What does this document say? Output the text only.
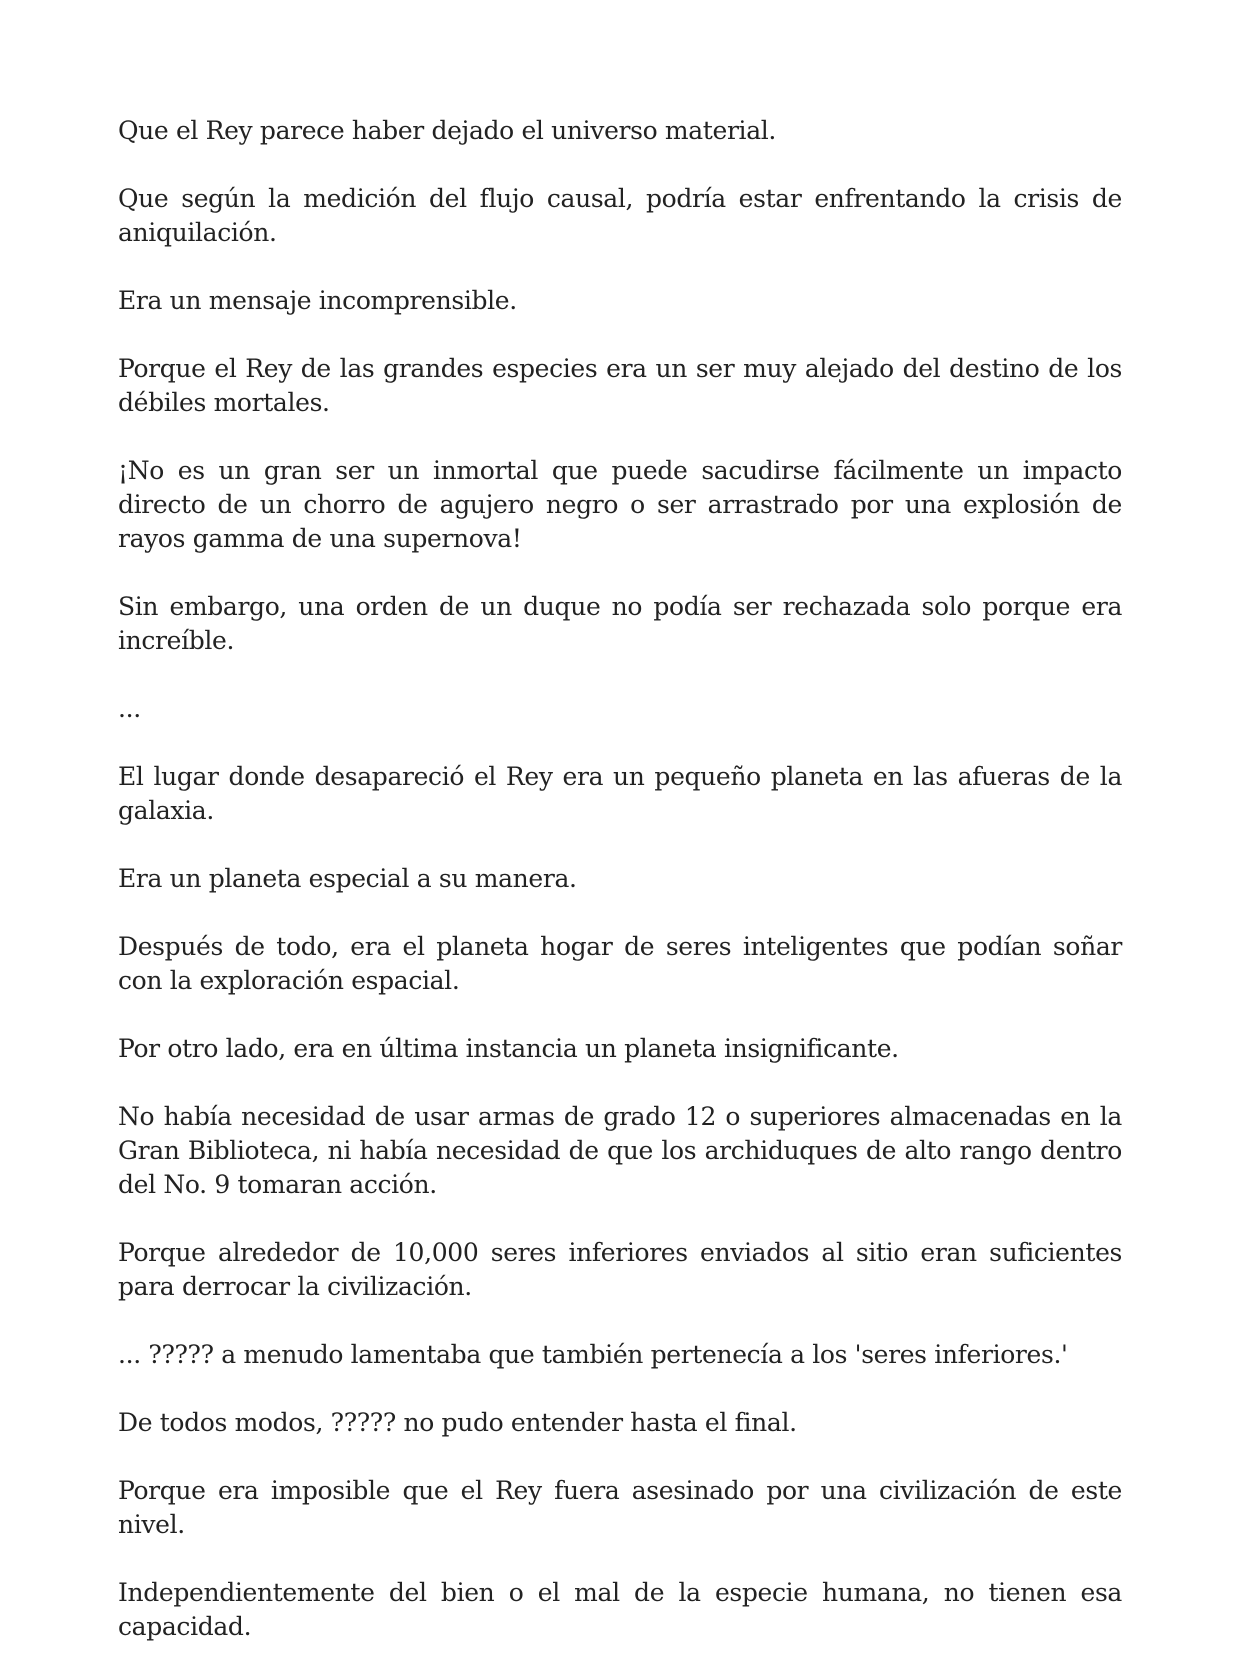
Que el Rey parece haber dejado el universo material.

Que según la medición del flujo causal, podría estar enfrentando la crisis de aniquilación.

Era un mensaje incomprensible.

Porque el Rey de las grandes especies era un ser muy alejado del destino de los débiles mortales.

¡No es un gran ser un inmortal que puede sacudirse fácilmente un impacto directo de un chorro de agujero negro o ser arrastrado por una explosión de rayos gamma de una supernova!

Sin embargo, una orden de un duque no podía ser rechazada solo porque era increíble.

...

El lugar donde desapareció el Rey era un pequeño planeta en las afueras de la galaxia.

Era un planeta especial a su manera.

Después de todo, era el planeta hogar de seres inteligentes que podían soñar con la exploración espacial.

Por otro lado, era en última instancia un planeta insignificante.

No había necesidad de usar armas de grado 12 o superiores almacenadas en la Gran Biblioteca, ni había necesidad de que los archiduques de alto rango dentro del No. 9 tomaran acción.

Porque alrededor de 10,000 seres inferiores enviados al sitio eran suficientes para derrocar la civilización.

... ????? a menudo lamentaba que también pertenecía a los 'seres inferiores.'

De todos modos, ????? no pudo entender hasta el final.

Porque era imposible que el Rey fuera asesinado por una civilización de este nivel.

Independientemente del bien o el mal de la especie humana, no tienen esa capacidad.
